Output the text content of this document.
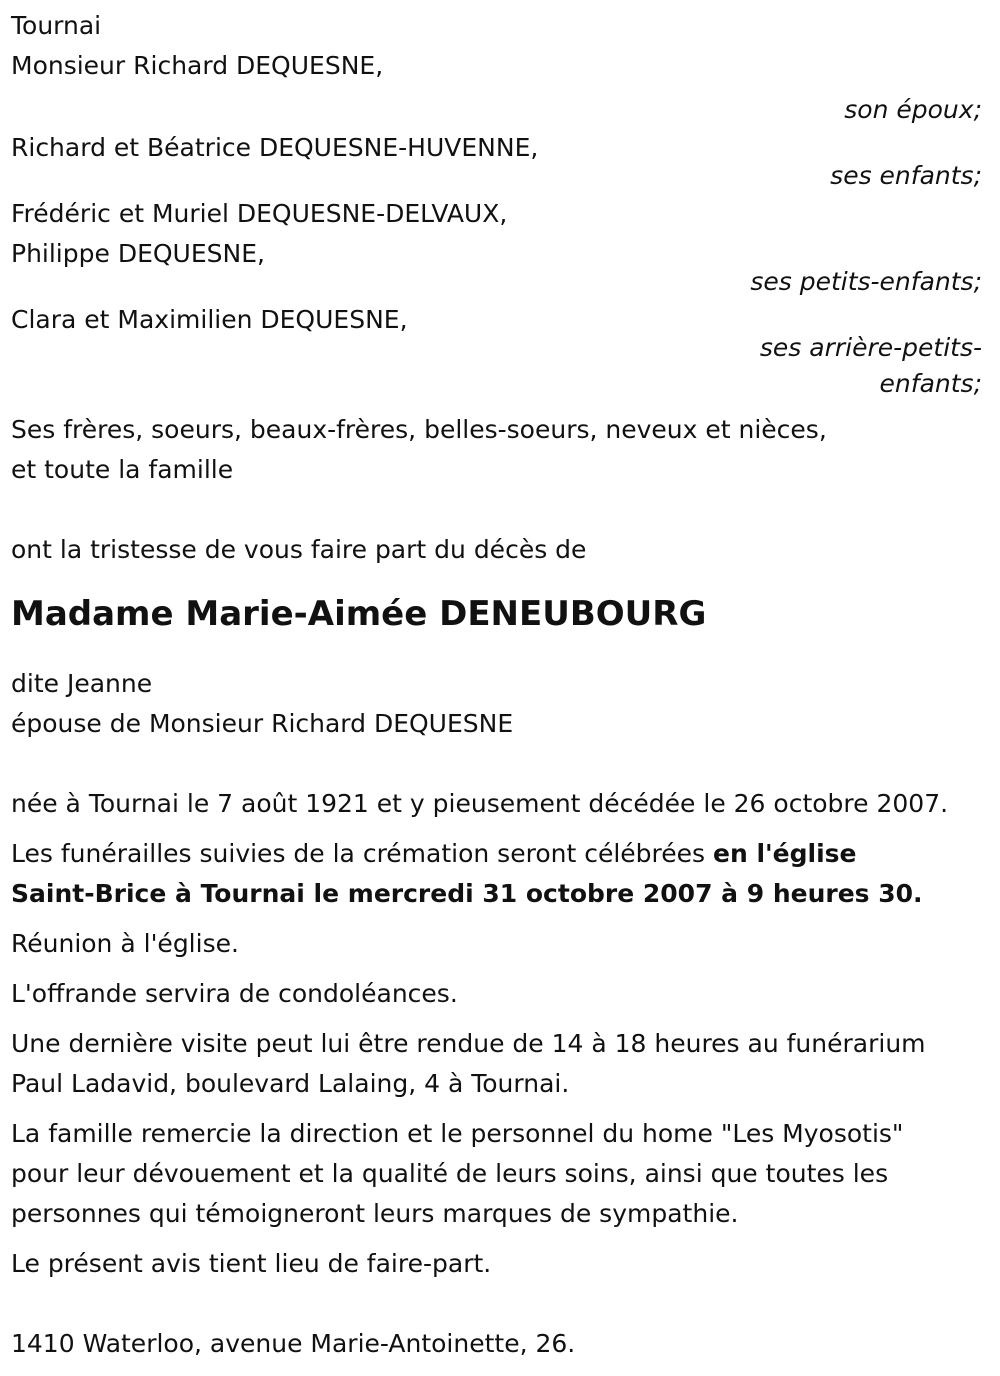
Tournai
Monsieur Richard DEQUESNE,
son époux;
Richard et Béatrice DEQUESNE-HUVENNE,
ses enfants;
Frédéric et Muriel DEQUESNE-DELVAUX,
Philippe DEQUESNE,
ses petits-enfants;
Clara et Maximilien DEQUESNE,
ses arrière-petits-
enfants;
Ses frères, soeurs, beaux-frères, belles-soeurs, neveux et nièces,
et toute la famille
ont la tristesse de vous faire part du décès de
Madame Marie-Aimée DENEUBOURG
dite Jeanne
épouse de Monsieur Richard DEQUESNE
née à Tournai le 7 août 1921 et y pieusement décédée le 26 octobre 2007.
Les funérailles suivies de la crémation seront célébrées en l'église
Saint-Brice à Tournai le mercredi 31 octobre 2007 à 9 heures 30.
Réunion à l'église.
L'offrande servira de condoléances.
Une dernière visite peut lui être rendue de 14 à 18 heures au funérarium
Paul Ladavid, boulevard Lalaing, 4 à Tournai.
La famille remercie la direction et le personnel du home "Les Myosotis"
pour leur dévouement et la qualité de leurs soins, ainsi que toutes les
personnes qui témoigneront leurs marques de sympathie.
Le présent avis tient lieu de faire-part.
1410 Waterloo, avenue Marie-Antoinette, 26.
